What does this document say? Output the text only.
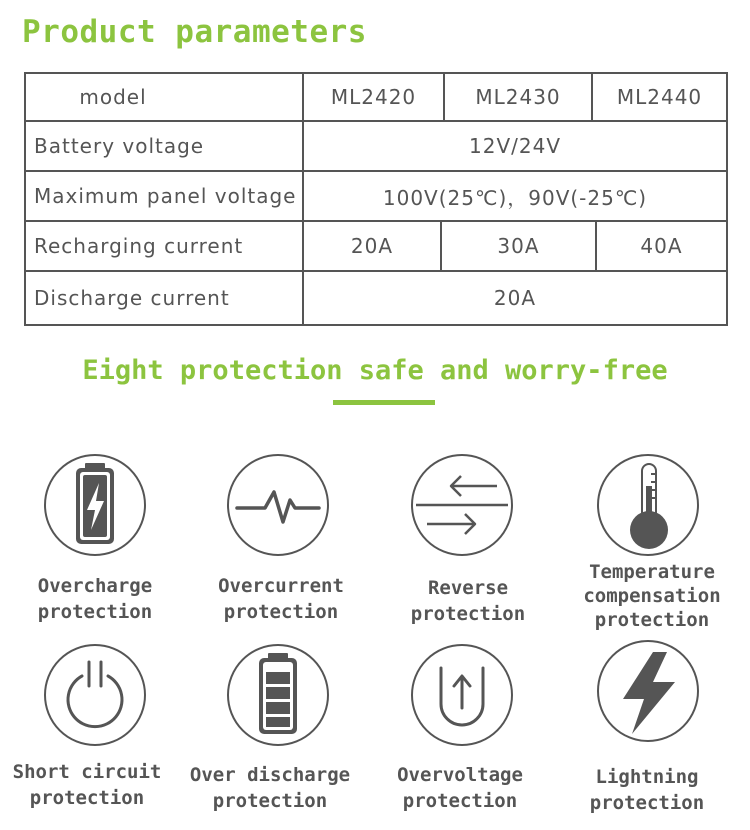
Product parameters
model	ML2420	ML2430	ML2440
Battery voltage	12V/24V
Maximum panel voltage	100V(25℃)，90V(-25℃)
Recharging current	20A	30A	40A
Discharge current	20A
Eight protection safe and worry-free
Overcharge
protection
Overcurrent
protection
Reverse
protection
Temperature
compensation
protection
Short circuit
protection
Over discharge
protection
Overvoltage
protection
Lightning
protection
